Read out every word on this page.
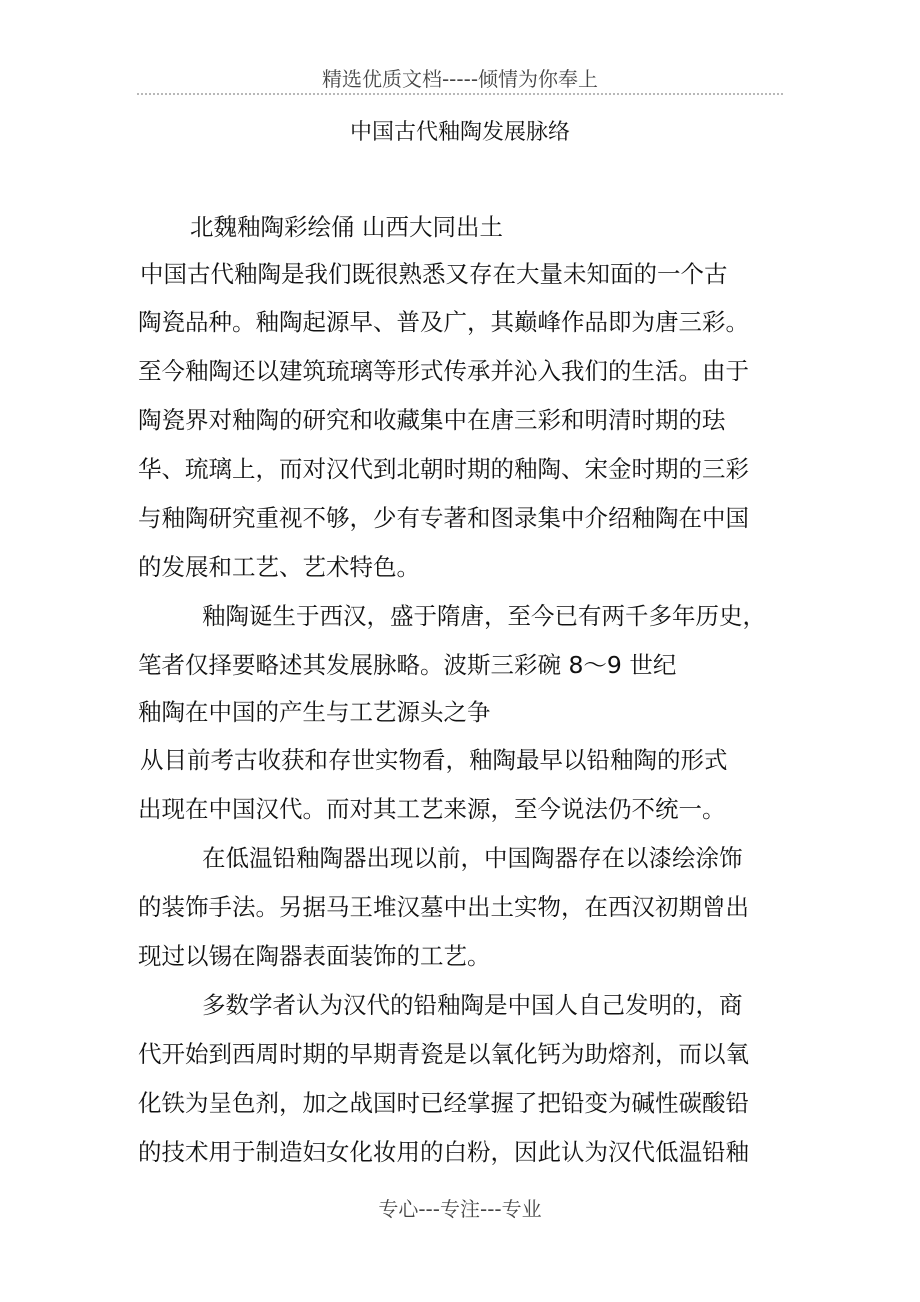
精选优质文档-----倾情为你奉上
中国古代釉陶发展脉络
北魏釉陶彩绘俑 山西大同出土
中国古代釉陶是我们既很熟悉又存在大量未知面的一个古
陶瓷品种。釉陶起源早、普及广，其巅峰作品即为唐三彩。
至今釉陶还以建筑琉璃等形式传承并沁入我们的生活。由于
陶瓷界对釉陶的研究和收藏集中在唐三彩和明清时期的珐
华、琉璃上，而对汉代到北朝时期的釉陶、宋金时期的三彩
与釉陶研究重视不够，少有专著和图录集中介绍釉陶在中国
的发展和工艺、艺术特色。
釉陶诞生于西汉，盛于隋唐，至今已有两千多年历史，
笔者仅择要略述其发展脉略。波斯三彩碗 8～9 世纪
釉陶在中国的产生与工艺源头之争
从目前考古收获和存世实物看，釉陶最早以铅釉陶的形式
出现在中国汉代。而对其工艺来源，至今说法仍不统一。
在低温铅釉陶器出现以前，中国陶器存在以漆绘涂饰
的装饰手法。另据马王堆汉墓中出土实物，在西汉初期曾出
现过以锡在陶器表面装饰的工艺。
多数学者认为汉代的铅釉陶是中国人自己发明的，商
代开始到西周时期的早期青瓷是以氧化钙为助熔剂，而以氧
化铁为呈色剂，加之战国时已经掌握了把铅变为碱性碳酸铅
的技术用于制造妇女化妆用的白粉，因此认为汉代低温铅釉
专心---专注---专业
